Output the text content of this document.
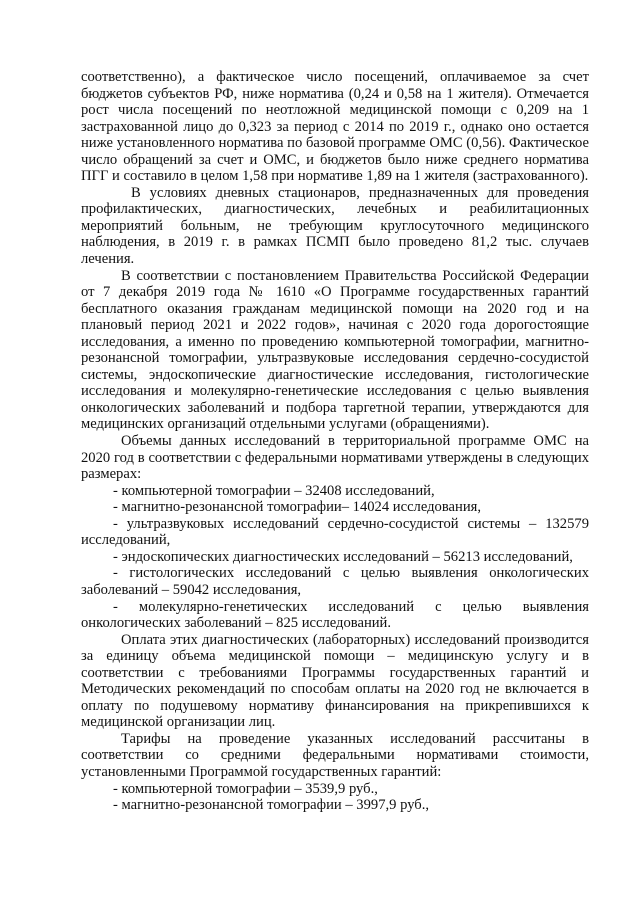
соответственно), а фактическое число посещений, оплачиваемое за счет бюджетов субъектов РФ, ниже норматива (0,24 и 0,58 на 1 жителя). Отмечается рост числа посещений по неотложной медицинской помощи с 0,209 на 1 застрахованной лицо до 0,323 за период с 2014 по 2019 г., однако оно остается ниже установленного норматива по базовой программе ОМС (0,56). Фактическое число обращений за счет и ОМС, и бюджетов было ниже среднего норматива ПГГ и составило в целом 1,58 при нормативе 1,89 на 1 жителя (застрахованного).

В условиях дневных стационаров, предназначенных для проведения профилактических, диагностических, лечебных и реабилитационных мероприятий больным, не требующим круглосуточного медицинского наблюдения, в 2019 г. в рамках ПСМП было проведено 81,2 тыс. случаев лечения.

В соответствии с постановлением Правительства Российской Федерации от 7 декабря 2019 года № 1610 «О Программе государственных гарантий бесплатного оказания гражданам медицинской помощи на 2020 год и на плановый период 2021 и 2022 годов», начиная с 2020 года дорогостоящие исследования, а именно по проведению компьютерной томографии, магнитно-резонансной томографии, ультразвуковые исследования сердечно-сосудистой системы, эндоскопические диагностические исследования, гистологические исследования и молекулярно-генетические исследования с целью выявления онкологических заболеваний и подбора таргетной терапии, утверждаются для медицинских организаций отдельными услугами (обращениями).

Объемы данных исследований в территориальной программе ОМС на 2020 год в соответствии с федеральными нормативами утверждены в следующих размерах:

- компьютерной томографии – 32408 исследований,

- магнитно-резонансной томографии– 14024 исследования,

- ультразвуковых исследований сердечно-сосудистой системы – 132579 исследований,

- эндоскопических диагностических исследований – 56213 исследований,

- гистологических исследований с целью выявления онкологических заболеваний – 59042 исследования,

- молекулярно-генетических исследований с целью выявления онкологических заболеваний – 825 исследований.

Оплата этих диагностических (лабораторных) исследований производится за единицу объема медицинской помощи – медицинскую услугу и в соответствии с требованиями Программы государственных гарантий и Методических рекомендаций по способам оплаты на 2020 год не включается в оплату по подушевому нормативу финансирования на прикрепившихся к медицинской организации лиц.

Тарифы на проведение указанных исследований рассчитаны в соответствии со средними федеральными нормативами стоимости, установленными Программой государственных гарантий:

- компьютерной томографии – 3539,9 руб.,

- магнитно-резонансной томографии – 3997,9 руб.,
